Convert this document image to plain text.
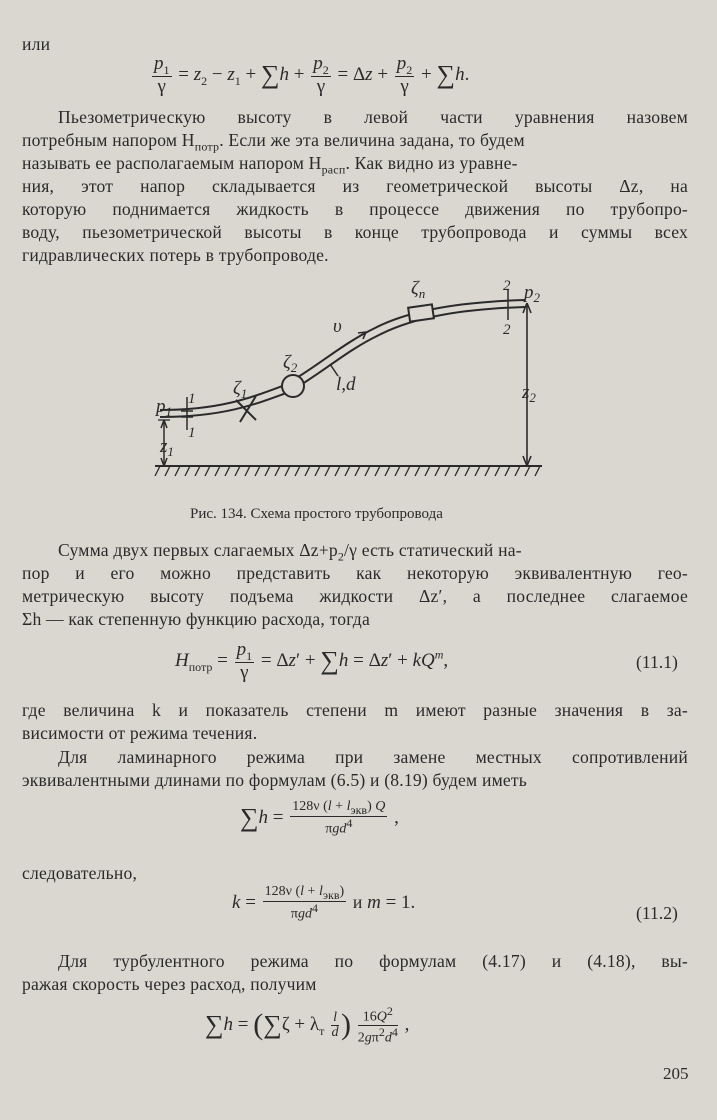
или
$\frac{p_1}{\gamma} = z_2 - z_1 + \sum h + \frac{p_2}{\gamma} = \Delta z + \frac{p_2}{\gamma} + \sum h$.
Пьезометрическую высоту в левой части уравнения назовем
потребным напором $H_{потр}$. Если же эта величина задана, то будем
называть ее располагаемым напором $H_{расп}$. Как видно из уравне-
ния, этот напор складывается из геометрической высоты Δz, на
которую поднимается жидкость в процессе движения по трубопро-
воду, пьезометрической высоты в конце трубопровода и суммы всех
гидравлических потерь в трубопроводе.
$p_1$
1
1
$z_1$
$\zeta_1$
$\zeta_2$
$\zeta_n$
υ
l,d
2
2
$p_2$
$z_2$
Рис. 134. Схема простого трубопровода
Сумма двух первых слагаемых $\Delta z+p_2/\gamma$ есть статический на-
пор и его можно представить как некоторую эквивалентную гео-
метрическую высоту подъема жидкости Δz′, а последнее слагаемое
Σh — как степенную функцию расхода, тогда
$H_{потр} = \frac{p_1}{\gamma} = \Delta z' + \sum h = \Delta z' + kQ^m$,	(11.1)
где величина k и показатель степени m имеют разные значения в за-
висимости от режима течения.
Для ламинарного режима при замене местных сопротивлений
эквивалентными длинами по формулам (6.5) и (8.19) будем иметь
$\sum h = \frac{128\nu (l + l_{экв}) Q}{\pi gd^4}$ ,
следовательно,
$k = \frac{128\nu (l + l_{экв})}{\pi gd^4}$ и m = 1.	(11.2)
Для турбулентного режима по формулам (4.17) и (4.18), вы-
ражая скорость через расход, получим
$\sum h = (\sum\zeta + \lambda_т \frac{l}{d}$ ) $\frac{16Q^2}{2g\pi^2d^4}$ ,
205
